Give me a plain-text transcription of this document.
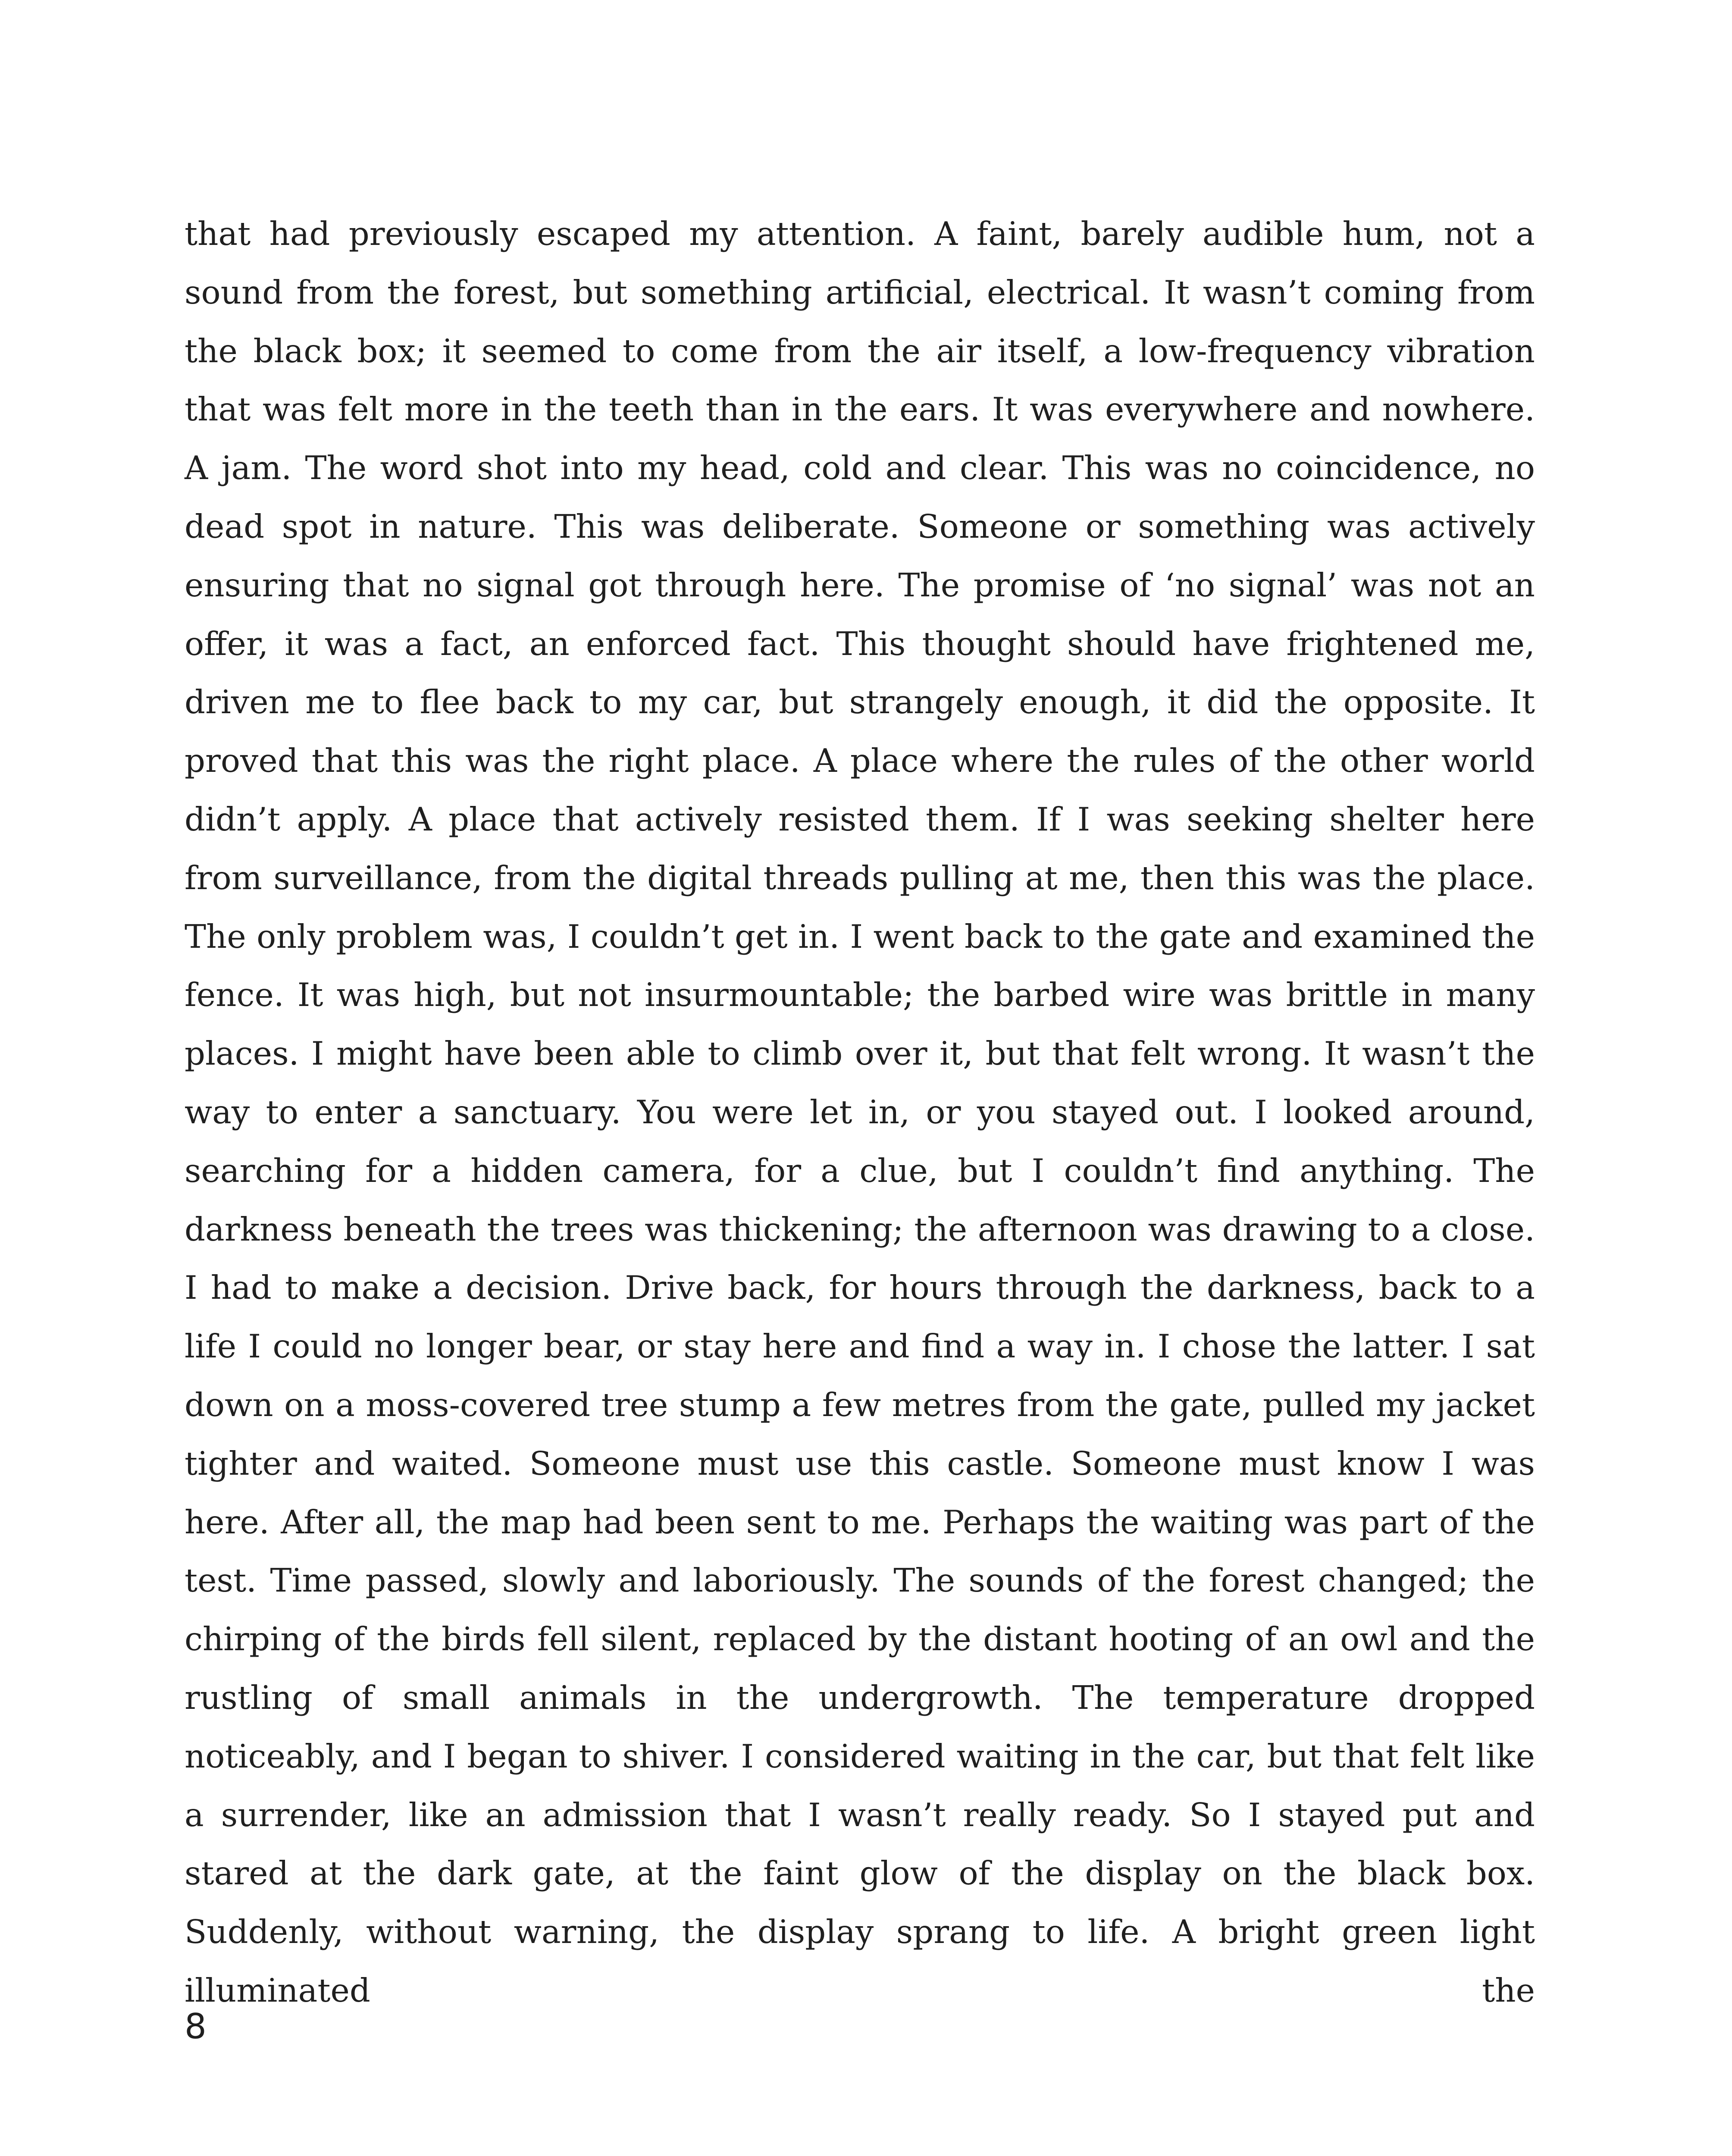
that had previously escaped my attention. A faint, barely audible hum, not a sound from the forest, but something artificial, electrical. It wasn’t coming from the black box; it seemed to come from the air itself, a low-frequency vibration that was felt more in the teeth than in the ears. It was everywhere and nowhere. A jam. The word shot into my head, cold and clear. This was no coincidence, no dead spot in nature. This was deliberate. Someone or something was actively ensuring that no signal got through here. The promise of ‘no signal’ was not an offer, it was a fact, an enforced fact. This thought should have frightened me, driven me to flee back to my car, but strangely enough, it did the opposite. It proved that this was the right place. A place where the rules of the other world didn’t apply. A place that actively resisted them. If I was seeking shelter here from surveillance, from the digital threads pulling at me, then this was the place. The only problem was, I couldn’t get in. I went back to the gate and examined the fence. It was high, but not insurmountable; the barbed wire was brittle in many places. I might have been able to climb over it, but that felt wrong. It wasn’t the way to enter a sanctuary. You were let in, or you stayed out. I looked around, searching for a hidden camera, for a clue, but I couldn’t find anything. The darkness beneath the trees was thickening; the afternoon was drawing to a close. I had to make a decision. Drive back, for hours through the darkness, back to a life I could no longer bear, or stay here and find a way in. I chose the latter. I sat down on a moss-covered tree stump a few metres from the gate, pulled my jacket tighter and waited. Someone must use this castle. Someone must know I was here. After all, the map had been sent to me. Perhaps the waiting was part of the test. Time passed, slowly and laboriously. The sounds of the forest changed; the chirping of the birds fell silent, replaced by the distant hooting of an owl and the rustling of small animals in the undergrowth. The temperature dropped noticeably, and I began to shiver. I considered waiting in the car, but that felt like a surrender, like an admission that I wasn’t really ready. So I stayed put and stared at the dark gate, at the faint glow of the display on the black box. Suddenly, without warning, the display sprang to life. A bright green light illuminated the

8
